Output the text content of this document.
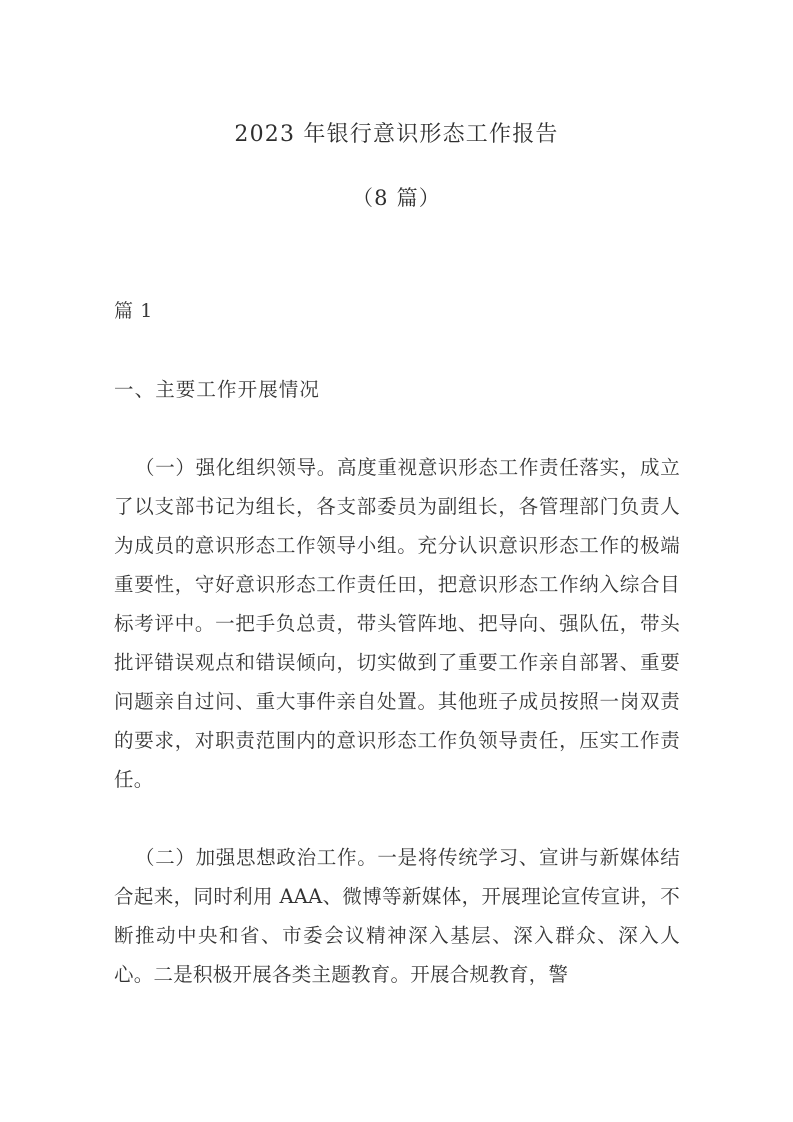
2023 年银行意识形态工作报告
（8 篇）
篇 1
一、主要工作开展情况

（一）强化组织领导。高度重视意识形态工作责任落实，成立了以支部书记为组长，各支部委员为副组长，各管理部门负责人为成员的意识形态工作领导小组。充分认识意识形态工作的极端重要性，守好意识形态工作责任田，把意识形态工作纳入综合目标考评中。一把手负总责，带头管阵地、把导向、强队伍，带头批评错误观点和错误倾向，切实做到了重要工作亲自部署、重要问题亲自过问、重大事件亲自处置。其他班子成员按照一岗双责的要求，对职责范围内的意识形态工作负领导责任，压实工作责任。

（二）加强思想政治工作。一是将传统学习、宣讲与新媒体结合起来，同时利用 AAA、微博等新媒体，开展理论宣传宣讲，不断推动中央和省、市委会议精神深入基层、深入群众、深入人心。二是积极开展各类主题教育。开展合规教育，警
